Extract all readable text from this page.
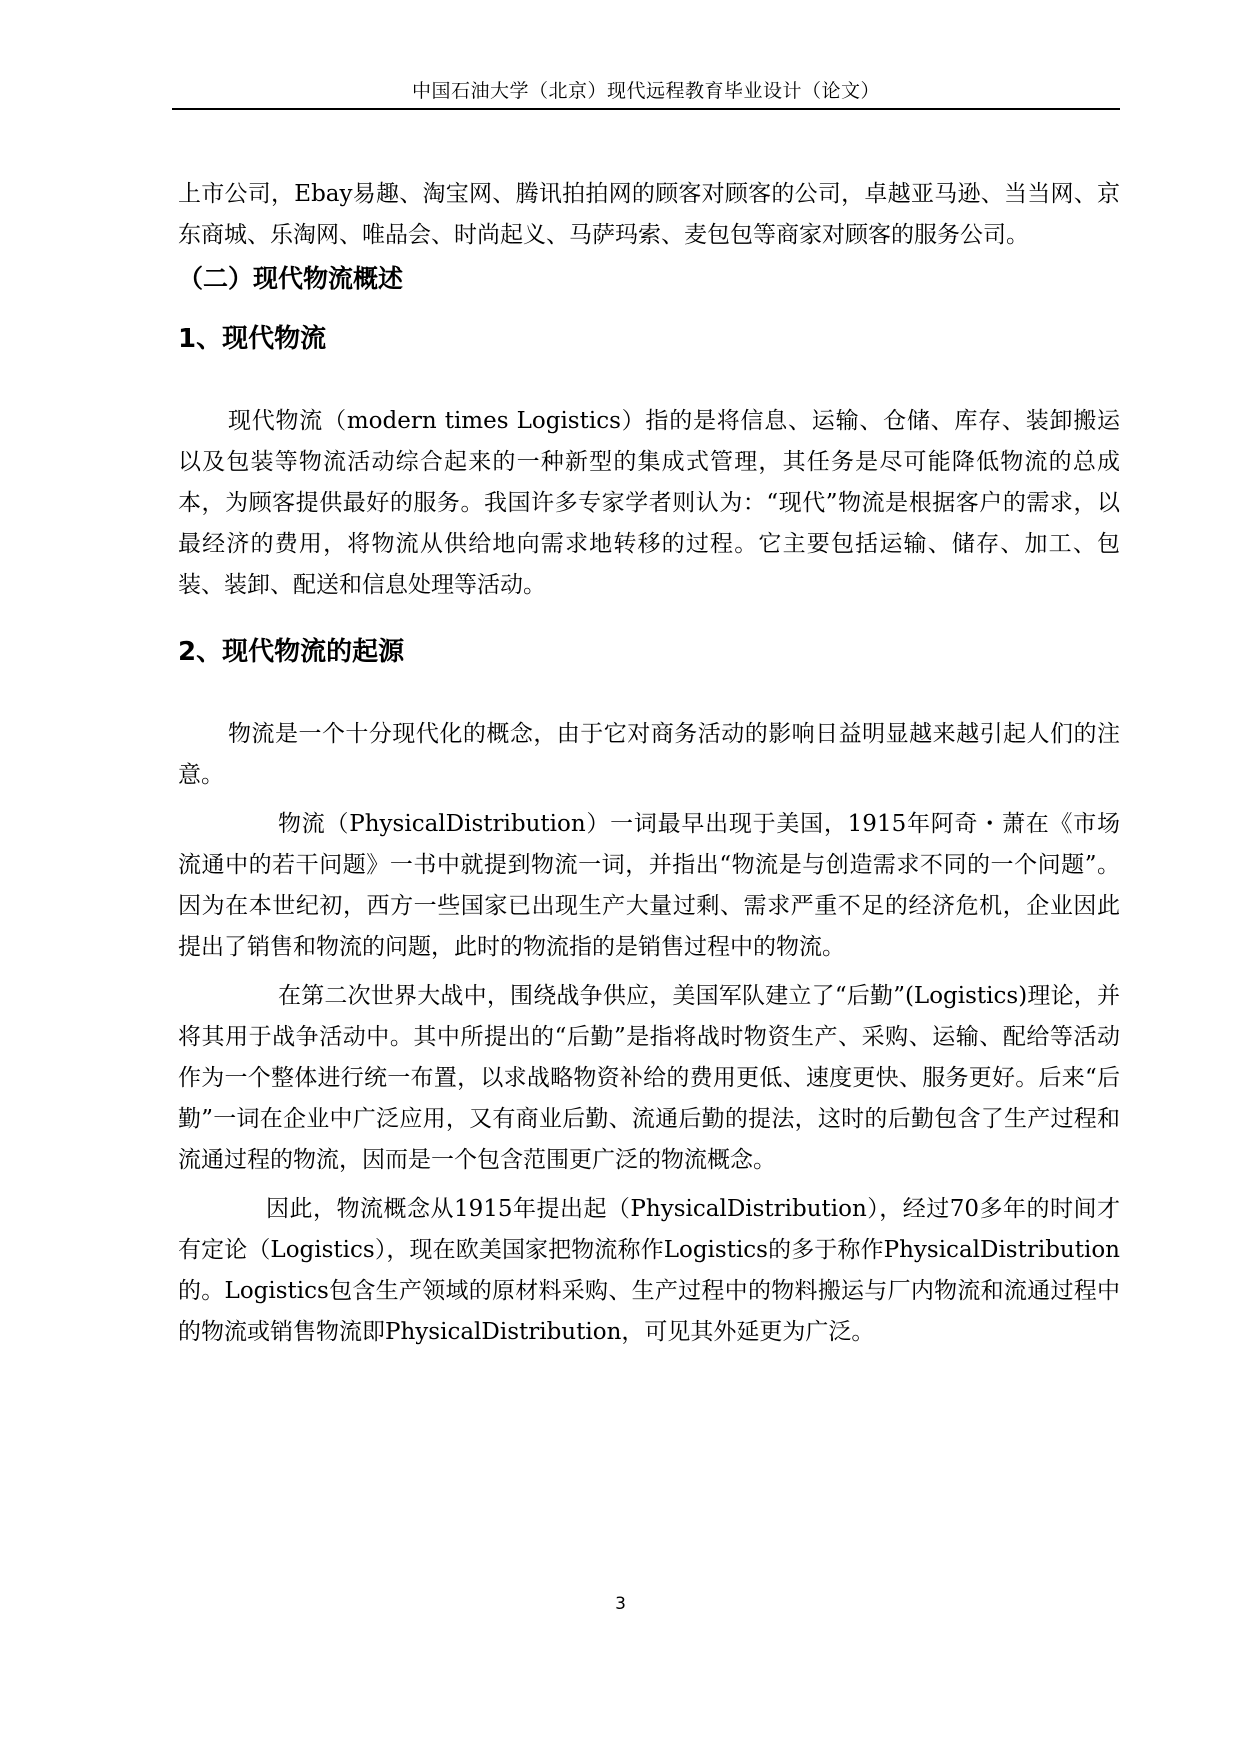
中国石油大学（北京）现代远程教育毕业设计（论文）

上市公司，Ebay易趣、淘宝网、腾讯拍拍网的顾客对顾客的公司，卓越亚马逊、当当网、京东商城、乐淘网、唯品会、时尚起义、马萨玛索、麦包包等商家对顾客的服务公司。

（二）现代物流概述

1、现代物流

现代物流（modern times Logistics）指的是将信息、运输、仓储、库存、装卸搬运以及包装等物流活动综合起来的一种新型的集成式管理，其任务是尽可能降低物流的总成本，为顾客提供最好的服务。我国许多专家学者则认为：“现代”物流是根据客户的需求，以最经济的费用，将物流从供给地向需求地转移的过程。它主要包括运输、储存、加工、包装、装卸、配送和信息处理等活动。

2、现代物流的起源

物流是一个十分现代化的概念，由于它对商务活动的影响日益明显越来越引起人们的注意。

物流（PhysicalDistribution）一词最早出现于美国，1915年阿奇・萧在《市场流通中的若干问题》一书中就提到物流一词，并指出“物流是与创造需求不同的一个问题”。因为在本世纪初，西方一些国家已出现生产大量过剩、需求严重不足的经济危机，企业因此提出了销售和物流的问题，此时的物流指的是销售过程中的物流。

在第二次世界大战中，围绕战争供应，美国军队建立了“后勤”(Logistics)理论，并将其用于战争活动中。其中所提出的“后勤”是指将战时物资生产、采购、运输、配给等活动作为一个整体进行统一布置，以求战略物资补给的费用更低、速度更快、服务更好。后来“后勤”一词在企业中广泛应用，又有商业后勤、流通后勤的提法，这时的后勤包含了生产过程和流通过程的物流，因而是一个包含范围更广泛的物流概念。

因此，物流概念从1915年提出起（PhysicalDistribution），经过70多年的时间才有定论（Logistics），现在欧美国家把物流称作Logistics的多于称作PhysicalDistribution的。Logistics包含生产领域的原材料采购、生产过程中的物料搬运与厂内物流和流通过程中的物流或销售物流即PhysicalDistribution，可见其外延更为广泛。

3
